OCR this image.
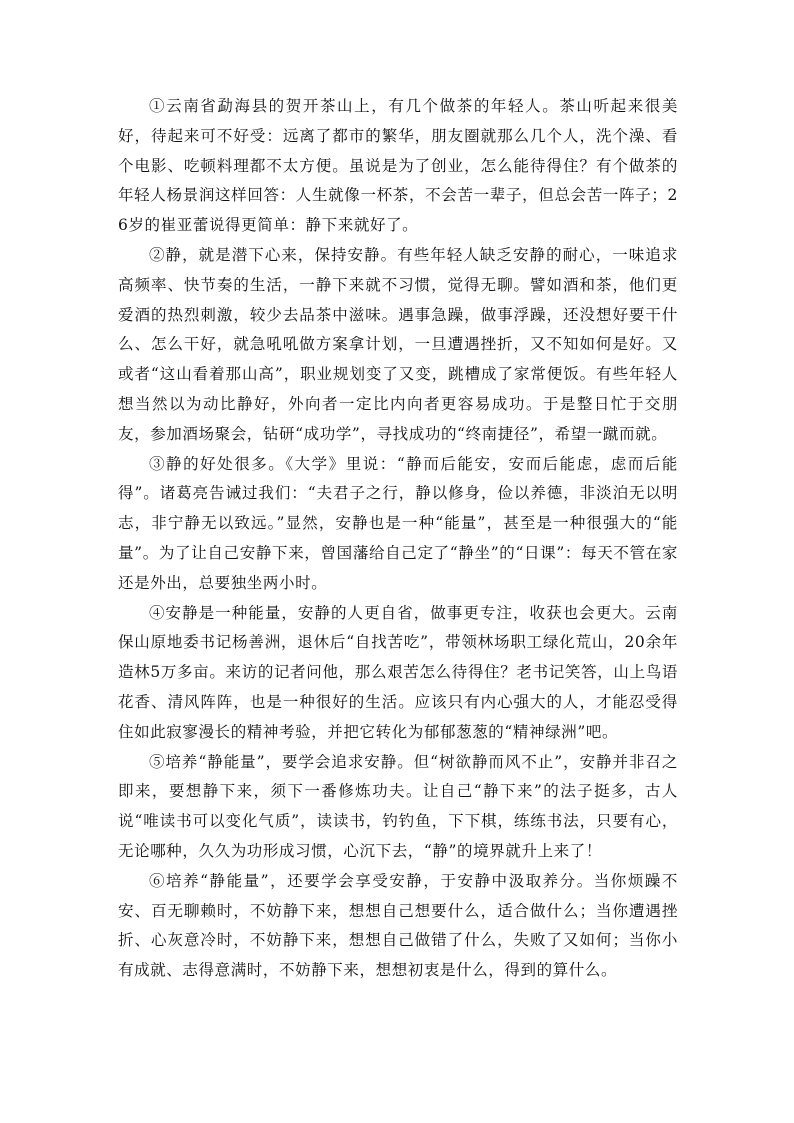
①云南省勐海县的贺开茶山上，有几个做茶的年轻人。茶山听起来很美好，待起来可不好受：远离了都市的繁华，朋友圈就那么几个人，洗个澡、看个电影、吃顿料理都不太方便。虽说是为了创业，怎么能待得住？有个做茶的年轻人杨景润这样回答：人生就像一杯茶，不会苦一辈子，但总会苦一阵子；26岁的崔亚蕾说得更简单：静下来就好了。

②静，就是潜下心来，保持安静。有些年轻人缺乏安静的耐心，一味追求高频率、快节奏的生活，一静下来就不习惯，觉得无聊。譬如酒和茶，他们更爱酒的热烈刺激，较少去品茶中滋味。遇事急躁，做事浮躁，还没想好要干什么、怎么干好，就急吼吼做方案拿计划，一旦遭遇挫折，又不知如何是好。又或者“这山看着那山高”，职业规划变了又变，跳槽成了家常便饭。有些年轻人想当然以为动比静好，外向者一定比内向者更容易成功。于是整日忙于交朋友，参加酒场聚会，钻研“成功学”，寻找成功的“终南捷径”，希望一蹴而就。

③静的好处很多。《大学》里说：“静而后能安，安而后能虑，虑而后能得”。诸葛亮告诫过我们：“夫君子之行，静以修身，俭以养德，非淡泊无以明志，非宁静无以致远。”显然，安静也是一种“能量”，甚至是一种很强大的“能量”。为了让自己安静下来，曾国藩给自己定了“静坐”的“日课”：每天不管在家还是外出，总要独坐两小时。

④安静是一种能量，安静的人更自省，做事更专注，收获也会更大。云南保山原地委书记杨善洲，退休后“自找苦吃”，带领林场职工绿化荒山，20余年造林5万多亩。来访的记者问他，那么艰苦怎么待得住？老书记笑答，山上鸟语花香、清风阵阵，也是一种很好的生活。应该只有内心强大的人，才能忍受得住如此寂寥漫长的精神考验，并把它转化为郁郁葱葱的“精神绿洲”吧。

⑤培养“静能量”，要学会追求安静。但“树欲静而风不止”，安静并非召之即来，要想静下来，须下一番修炼功夫。让自己“静下来”的法子挺多，古人说“唯读书可以变化气质”，读读书，钓钓鱼，下下棋，练练书法，只要有心，无论哪种，久久为功形成习惯，心沉下去，“静”的境界就升上来了！

⑥培养“静能量”，还要学会享受安静，于安静中汲取养分。当你烦躁不安、百无聊赖时，不妨静下来，想想自己想要什么，适合做什么；当你遭遇挫折、心灰意冷时，不妨静下来，想想自己做错了什么，失败了又如何；当你小有成就、志得意满时，不妨静下来，想想初衷是什么，得到的算什么。
